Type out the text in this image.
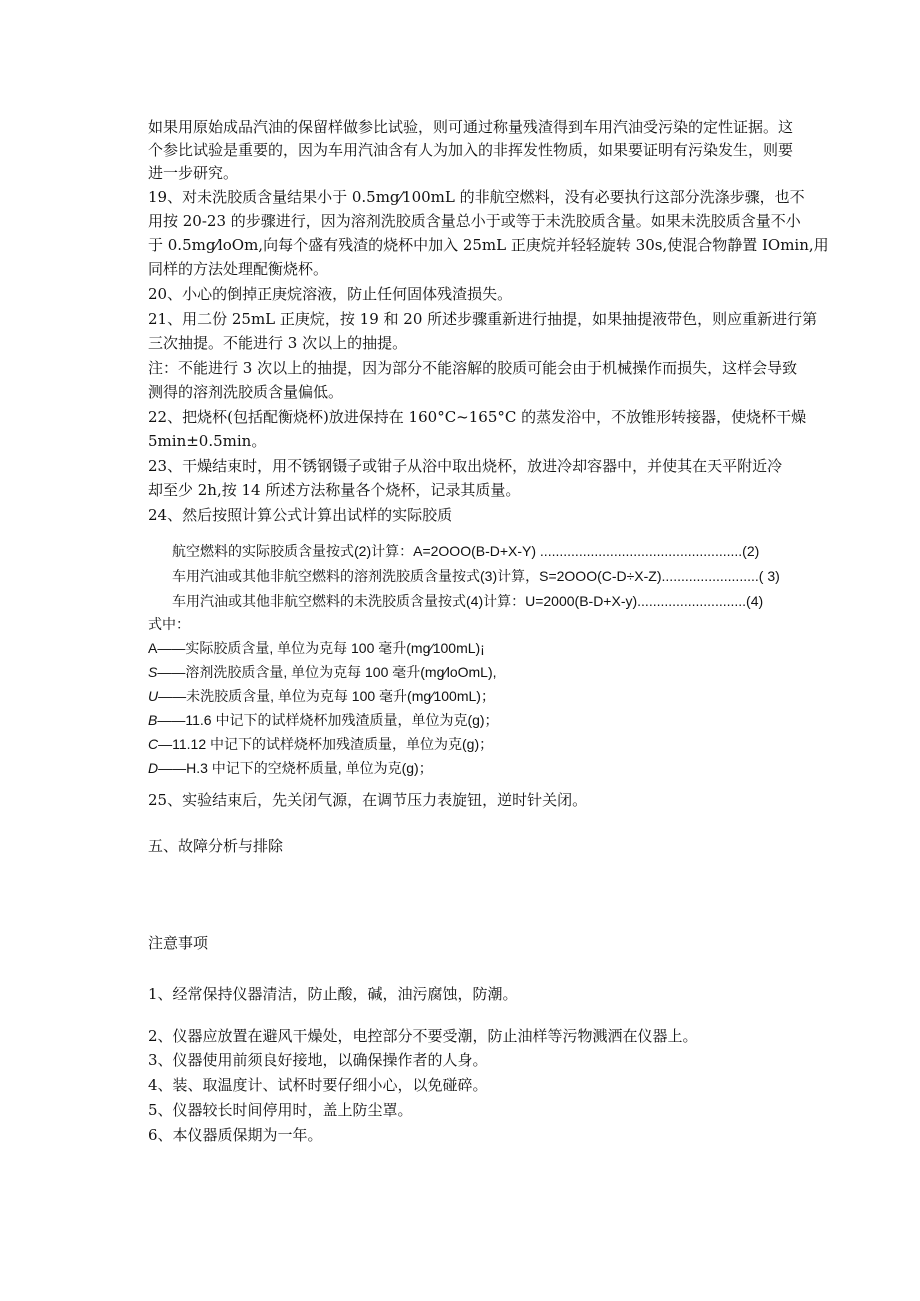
如果用原始成品汽油的保留样做参比试验，则可通过称量残渣得到车用汽油受污染的定性证据。这
个参比试验是重要的，因为车用汽油含有人为加入的非挥发性物质，如果要证明有污染发生，则要
进一步研究。
19、对未洗胶质含量结果小于 0.5mg⁄100mL 的非航空燃料，没有必要执行这部分洗涤步骤，也不
用按 20-23 的步骤进行，因为溶剂洗胶质含量总小于或等于未洗胶质含量。如果未洗胶质含量不小
于 0.5mg⁄loOm,向每个盛有残渣的烧杯中加入 25mL 正庚烷并轻轻旋转 30s,使混合物静置 IOmin,用
同样的方法处理配衡烧杯。
20、小心的倒掉正庚烷溶液，防止任何固体残渣损失。
21、用二份 25mL 正庚烷，按 19 和 20 所述步骤重新进行抽提，如果抽提液带色，则应重新进行第
三次抽提。不能进行 3 次以上的抽提。
注：不能进行 3 次以上的抽提，因为部分不能溶解的胶质可能会由于机械操作而损失，这样会导致
测得的溶剂洗胶质含量偏低。
22、把烧杯(包括配衡烧杯)放进保持在 160°C~165°C 的蒸发浴中，不放锥形转接器，使烧杯干燥
5min±0.5min。
23、干燥结束时，用不锈钢镊子或钳子从浴中取出烧杯，放进冷却容器中，并使其在天平附近冷
却至少 2h,按 14 所述方法称量各个烧杯，记录其质量。
24、然后按照计算公式计算出试样的实际胶质
航空燃料的实际胶质含量按式(2)计算：A=2OOO(B-D+X-Y) ....................................................(2)
车用汽油或其他非航空燃料的溶剂洗胶质含量按式(3)计算，S=2OOO(C-D÷X-Z).........................( 3)
车用汽油或其他非航空燃料的未洗胶质含量按式(4)计算：U=2000(B-D+X-y)............................(4)
式中：
A——实际胶质含量, 单位为克每 100 毫升(mg⁄100mL)¡
S——溶剂洗胶质含量, 单位为克每 100 毫升(mg⁄loOmL),
U——未洗胶质含量, 单位为克每 100 毫升(mg⁄100mL)；
B——11.6 中记下的试样烧杯加残渣质量，单位为克(g)；
C—11.12 中记下的试样烧杯加残渣质量，单位为克(g)；
D——H.3 中记下的空烧杯质量, 单位为克(g)；
25、实验结束后，先关闭气源，在调节压力表旋钮，逆时针关闭。
五、故障分析与排除
注意事项
1、经常保持仪器清洁，防止酸，碱，油污腐蚀，防潮。
2、仪器应放置在避风干燥处，电控部分不要受潮，防止油样等污物溅洒在仪器上。
3、仪器使用前须良好接地，以确保操作者的人身。
4、装、取温度计、试杯时要仔细小心，以免碰碎。
5、仪器较长时间停用时，盖上防尘罩。
6、本仪器质保期为一年。
